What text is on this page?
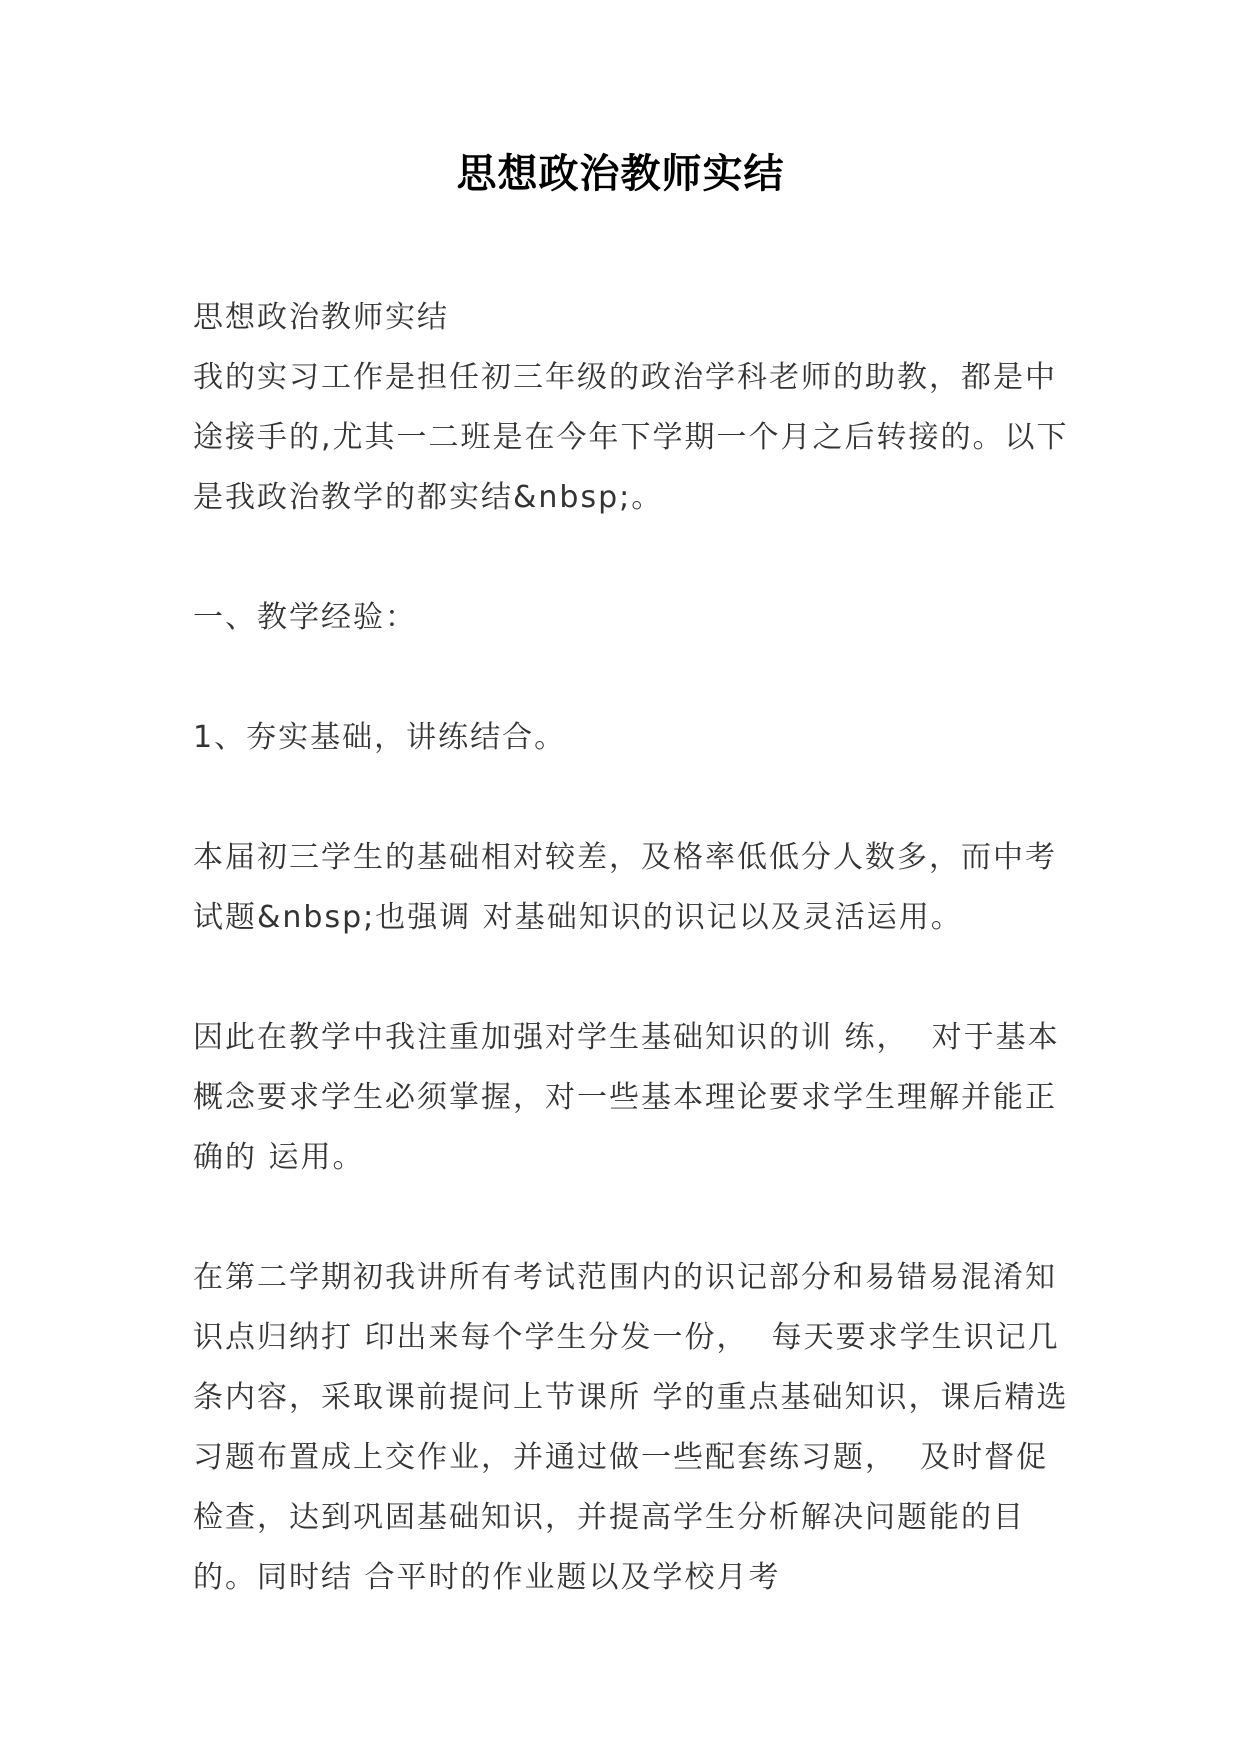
思想政治教师实结

思想政治教师实结

我的实习工作是担任初三年级的政治学科老师的助教，都是中途接手的,尤其一二班是在今年下学期一个月之后转接的。以下是我政治教学的都实结&nbsp;。

一、教学经验：

1、夯实基础，讲练结合。

本届初三学生的基础相对较差，及格率低低分人数多，而中考试题&nbsp;也强调 对基础知识的识记以及灵活运用。

因此在教学中我注重加强对学生基础知识的训 练，  对于基本概念要求学生必须掌握，对一些基本理论要求学生理解并能正确的 运用。

在第二学期初我讲所有考试范围内的识记部分和易错易混淆知识点归纳打 印出来每个学生分发一份，  每天要求学生识记几条内容，采取课前提问上节课所 学的重点基础知识，课后精选习题布置成上交作业，并通过做一些配套练习题，  及时督促检查，达到巩固基础知识，并提高学生分析解决问题能的目的。同时结 合平时的作业题以及学校月考
